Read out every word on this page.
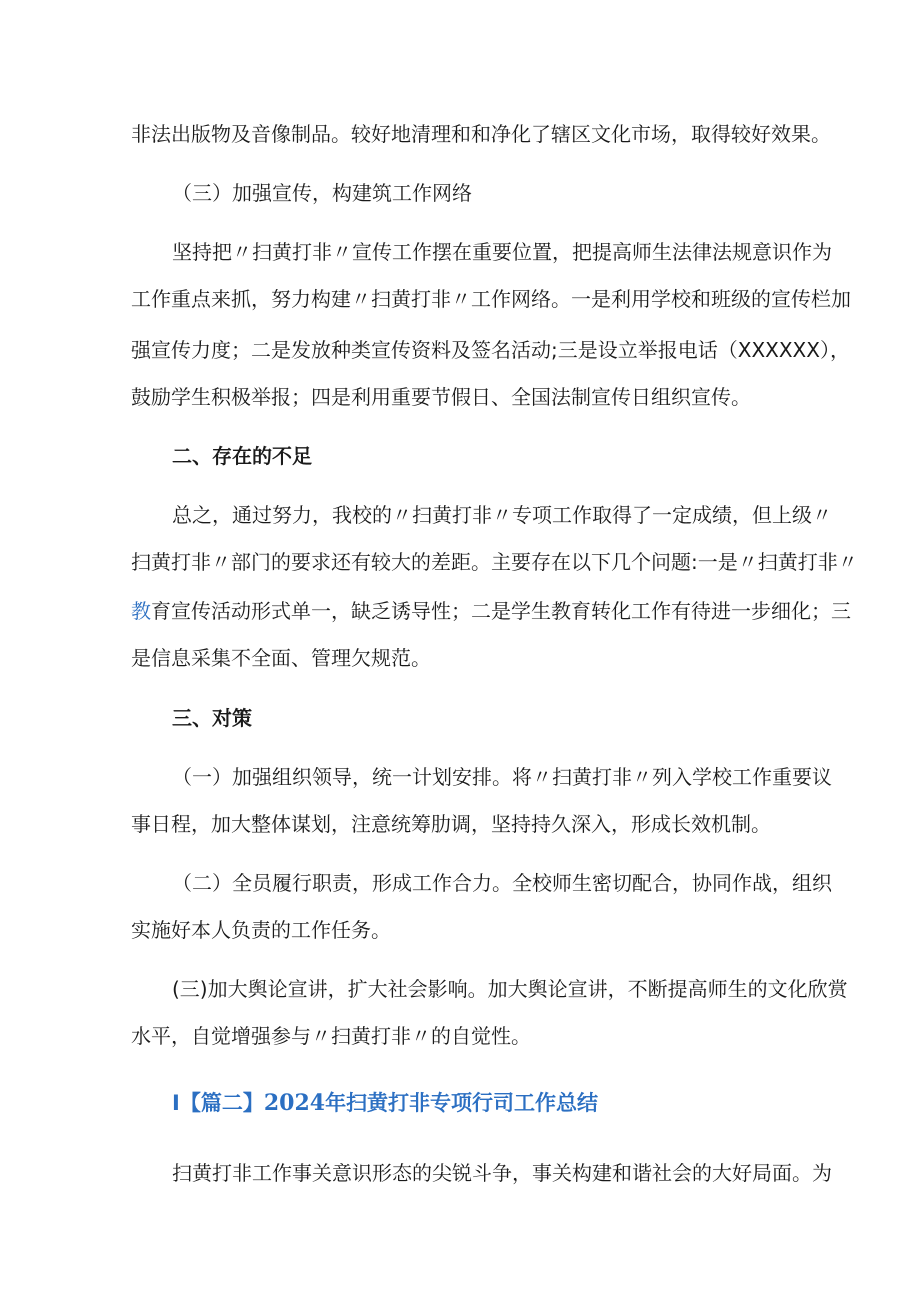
非法出版物及音像制品。较好地清理和和净化了辖区文化市场，取得较好效果。

（三）加强宣传，构建筑工作网络

坚持把〃扫黄打非〃宣传工作摆在重要位置，把提高师生法律法规意识作为

工作重点来抓，努力构建〃扫黄打非〃工作网络。一是利用学校和班级的宣传栏加

强宣传力度；二是发放种类宣传资料及签名活动;三是设立举报电话（XXXXXX），

鼓励学生积极举报；四是利用重要节假日、全国法制宣传日组织宣传。

二、存在的不足

总之，通过努力，我校的〃扫黄打非〃专项工作取得了一定成绩，但上级〃

扫黄打非〃部门的要求还有较大的差距。主要存在以下几个问题:一是〃扫黄打非〃

教育宣传活动形式单一，缺乏诱导性；二是学生教育转化工作有待进一步细化；三

是信息采集不全面、管理欠规范。

三、对策

（一）加强组织领导，统一计划安排。将〃扫黄打非〃列入学校工作重要议

事日程，加大整体谋划，注意统筹肋调，坚持持久深入，形成长效机制。

（二）全员履行职责，形成工作合力。全校师生密切配合，协同作战，组织

实施好本人负责的工作任务。

(三)加大舆论宣讲，扩大社会影响。加大舆论宣讲，不断提高师生的文化欣赏

水平，自觉增强参与〃扫黄打非〃的自觉性。

I【篇二】2024年扫黄打非专项行司工作总结

扫黄打非工作事关意识形态的尖锐斗争，事关构建和谐社会的大好局面。为
